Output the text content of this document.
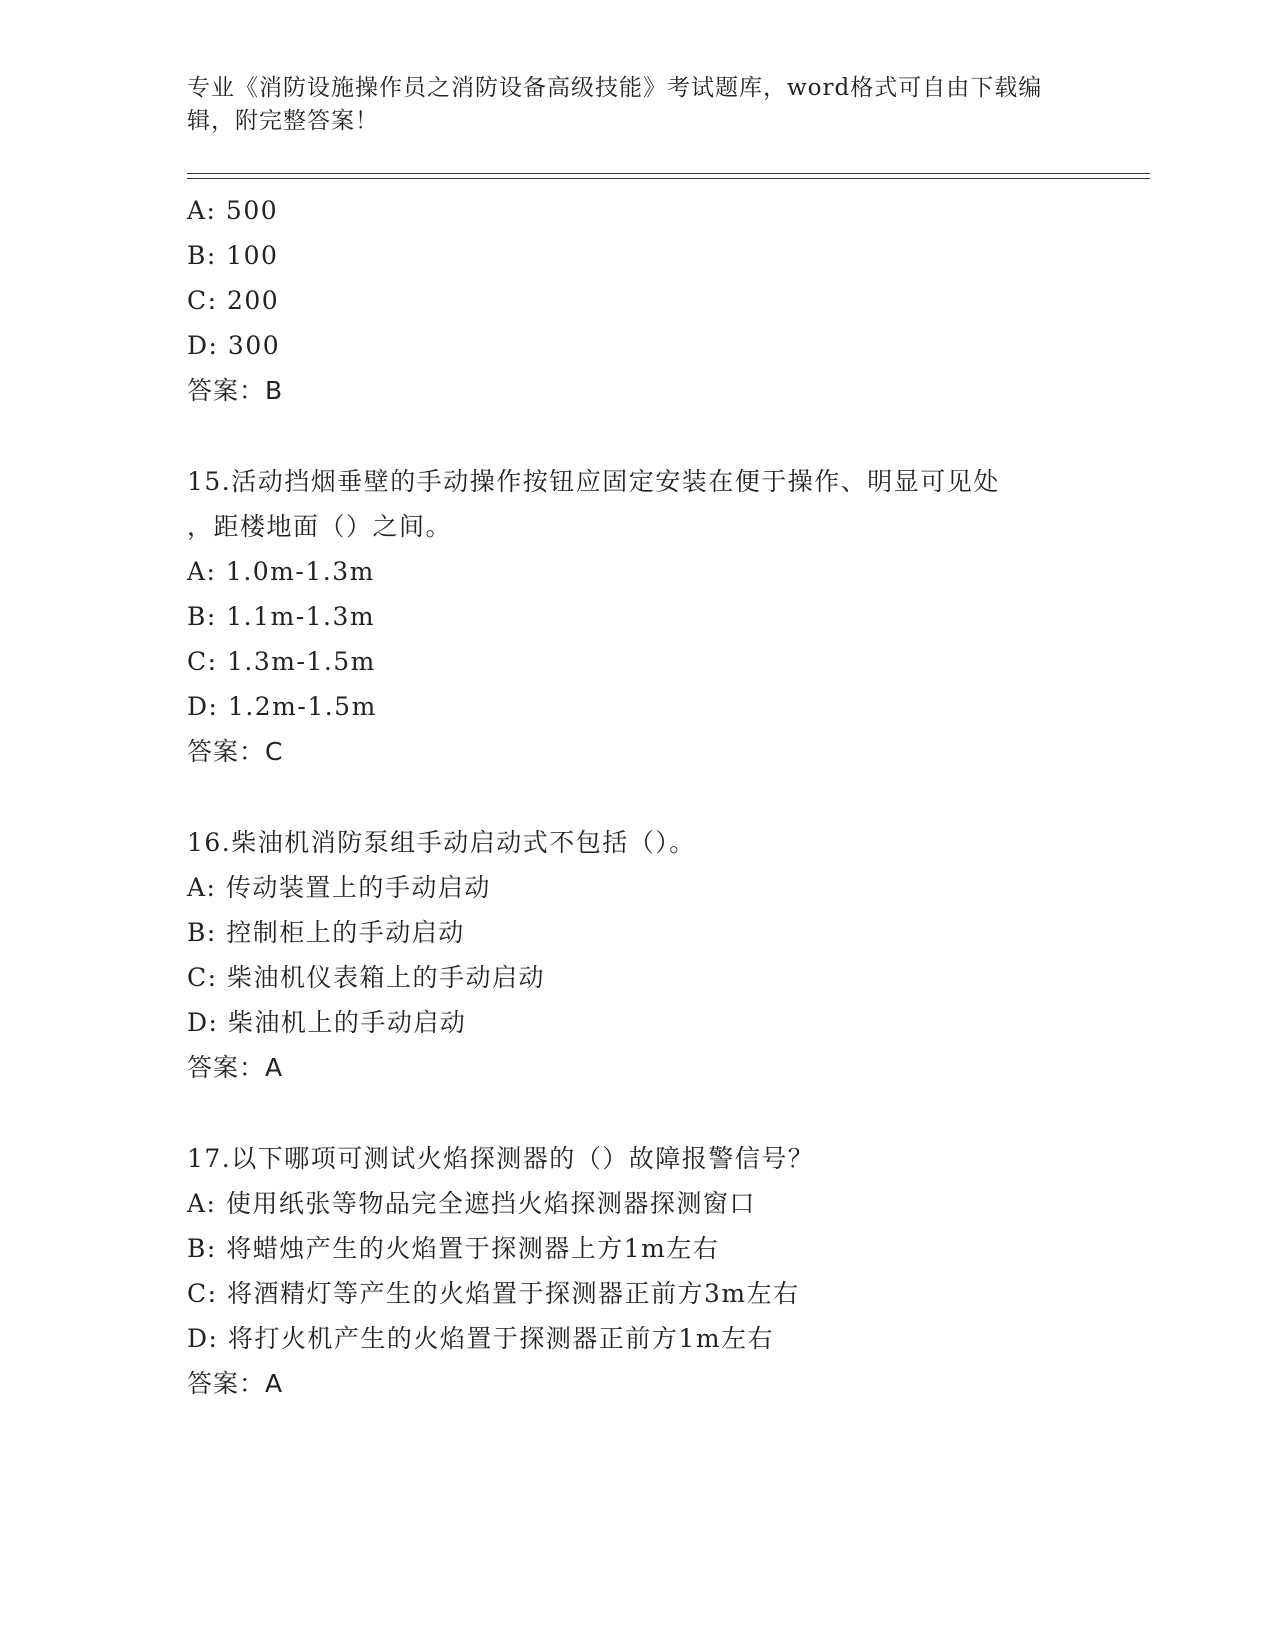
专业《消防设施操作员之消防设备高级技能》考试题库，word格式可自由下载编
辑，附完整答案！
A: 500
B: 100
C: 200
D: 300
答案：B
15.活动挡烟垂壁的手动操作按钮应固定安装在便于操作、明显可见处
，距楼地面（）之间。
A: 1.0m-1.3m
B: 1.1m-1.3m
C: 1.3m-1.5m
D: 1.2m-1.5m
答案：C
16.柴油机消防泵组手动启动式不包括（）。
A: 传动装置上的手动启动
B: 控制柜上的手动启动
C: 柴油机仪表箱上的手动启动
D: 柴油机上的手动启动
答案：A
17.以下哪项可测试火焰探测器的（）故障报警信号？
A: 使用纸张等物品完全遮挡火焰探测器探测窗口
B: 将蜡烛产生的火焰置于探测器上方1m左右
C: 将酒精灯等产生的火焰置于探测器正前方3m左右
D: 将打火机产生的火焰置于探测器正前方1m左右
答案：A
